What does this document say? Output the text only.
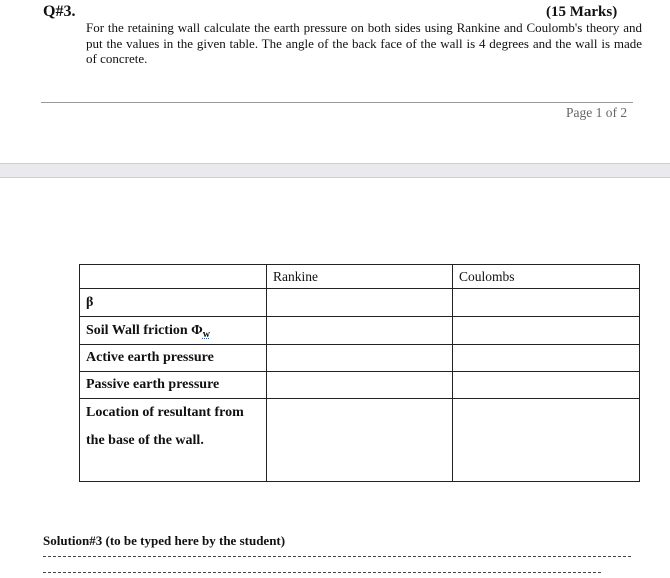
Q#3.	(15 Marks)
For the retaining wall calculate the earth pressure on both sides using Rankine and Coulomb's theory and put the values in the given table. The angle of the back face of the wall is 4 degrees and the wall is made of concrete.
Page 1 of 2
	Rankine	Coulombs
β		
Soil Wall friction $\Phi_w$		
Active earth pressure		
Passive earth pressure		
Location of resultant from the base of the wall.		
Solution#3 (to be typed here by the student)
